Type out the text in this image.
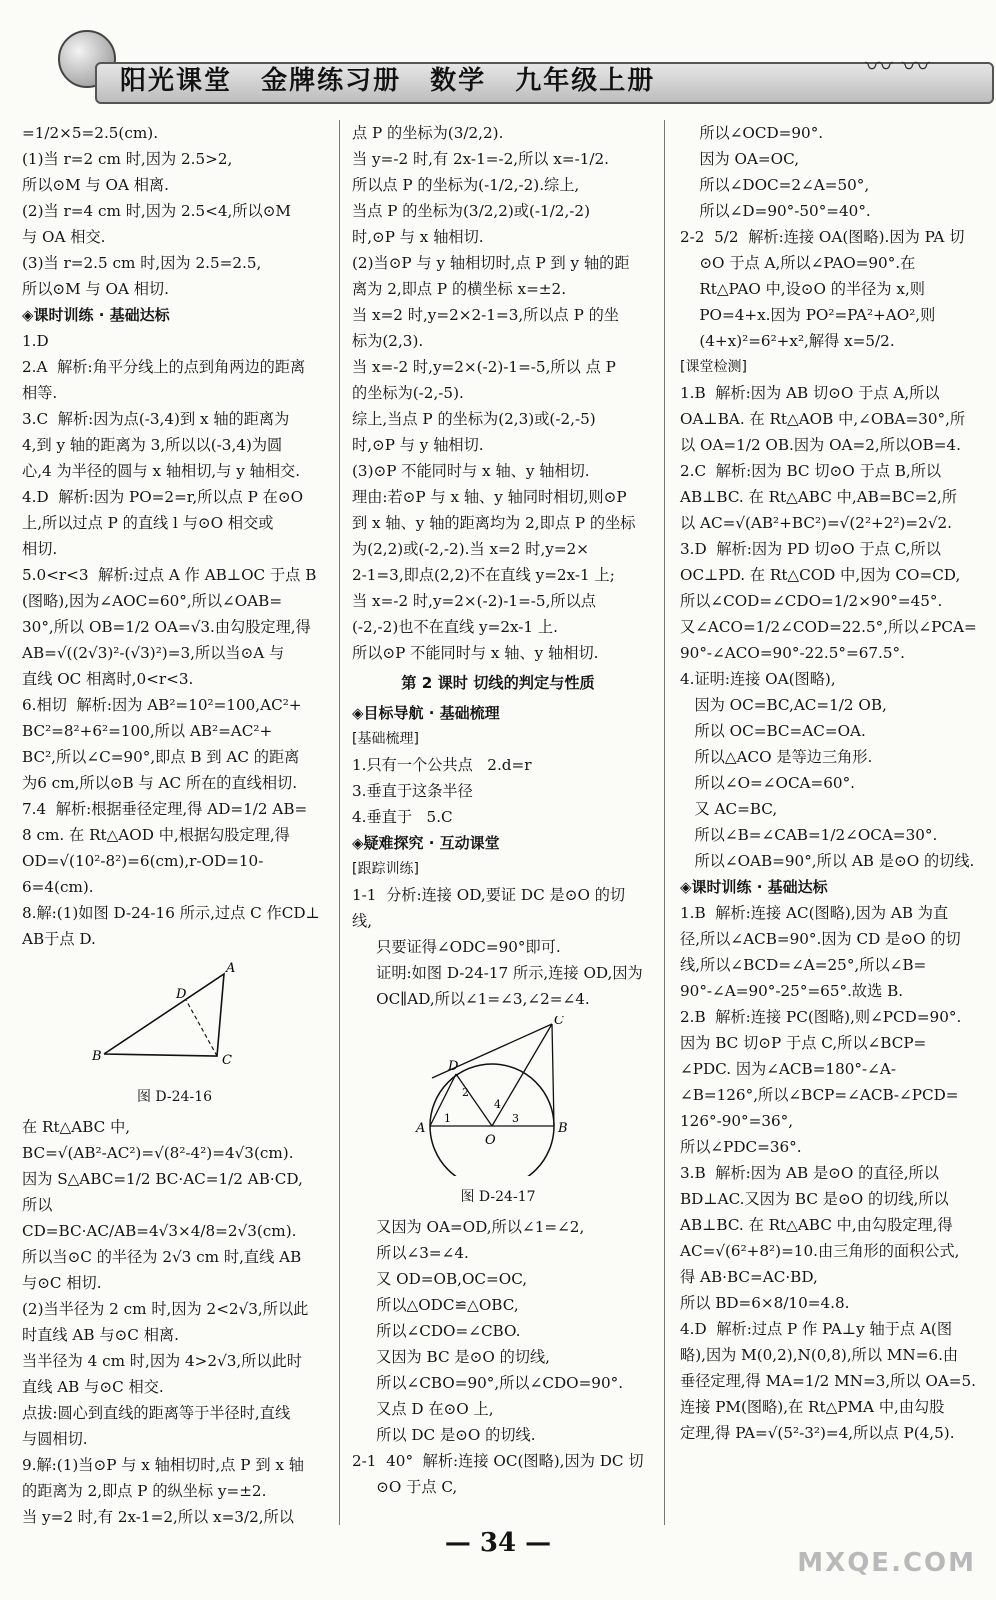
阳光课堂 金牌练习册 数学 九年级上册	〰︎ ︎〰

=1/2×5=2.5(cm).

(1)当 r=2 cm 时,因为 2.5>2,

所以⊙M 与 OA 相离.

(2)当 r=4 cm 时,因为 2.5<4,所以⊙M

与 OA 相交.

(3)当 r=2.5 cm 时,因为 2.5=2.5,

所以⊙M 与 OA 相切.

◈课时训练 · 基础达标

1.D

2.A  解析:角平分线上的点到角两边的距离

相等.

3.C  解析:因为点(-3,4)到 x 轴的距离为

4,到 y 轴的距离为 3,所以以(-3,4)为圆

心,4 为半径的圆与 x 轴相切,与 y 轴相交.

4.D  解析:因为 PO=2=r,所以点 P 在⊙O

上,所以过点 P 的直线 l 与⊙O 相交或

相切.

5.0<r<3  解析:过点 A 作 AB⊥OC 于点 B

(图略),因为∠AOC=60°,所以∠OAB=

30°,所以 OB=1/2 OA=√3.由勾股定理,得

AB=√((2√3)²-(√3)²)=3,所以当⊙A 与

直线 OC 相离时,0<r<3.

6.相切  解析:因为 AB²=10²=100,AC²+

BC²=8²+6²=100,所以 AB²=AC²+

BC²,所以∠C=90°,即点 B 到 AC 的距离

为6 cm,所以⊙B 与 AC 所在的直线相切.

7.4  解析:根据垂径定理,得 AD=1/2 AB=

8 cm. 在 Rt△AOD 中,根据勾股定理,得

OD=√(10²-8²)=6(cm),r-OD=10-

6=4(cm).

8.解:(1)如图 D-24-16 所示,过点 C 作CD⊥

AB于点 D.

B
A
C
D
图 D-24-16

在 Rt△ABC 中,

BC=√(AB²-AC²)=√(8²-4²)=4√3(cm).

因为 S△ABC=1/2 BC·AC=1/2 AB·CD,

所以 CD=BC·AC/AB=4√3×4/8=2√3(cm).

所以当⊙C 的半径为 2√3 cm 时,直线 AB

与⊙C 相切.

(2)当半径为 2 cm 时,因为 2<2√3,所以此

时直线 AB 与⊙C 相离.

当半径为 4 cm 时,因为 4>2√3,所以此时

直线 AB 与⊙C 相交.

点拔:圆心到直线的距离等于半径时,直线

与圆相切.

9.解:(1)当⊙P 与 x 轴相切时,点 P 到 x 轴

的距离为 2,即点 P 的纵坐标 y=±2.

当 y=2 时,有 2x-1=2,所以 x=3/2,所以

点 P 的坐标为(3/2,2).

当 y=-2 时,有 2x-1=-2,所以 x=-1/2.

所以点 P 的坐标为(-1/2,-2).综上,

当点 P 的坐标为(3/2,2)或(-1/2,-2)

时,⊙P 与 x 轴相切.

(2)当⊙P 与 y 轴相切时,点 P 到 y 轴的距

离为 2,即点 P 的横坐标 x=±2.

当 x=2 时,y=2×2-1=3,所以点 P 的坐

标为(2,3).

当 x=-2 时,y=2×(-2)-1=-5,所以 点 P

的坐标为(-2,-5).

综上,当点 P 的坐标为(2,3)或(-2,-5)

时,⊙P 与 y 轴相切.

(3)⊙P 不能同时与 x 轴、y 轴相切.

理由:若⊙P 与 x 轴、y 轴同时相切,则⊙P

到 x 轴、y 轴的距离均为 2,即点 P 的坐标

为(2,2)或(-2,-2).当 x=2 时,y=2×

2-1=3,即点(2,2)不在直线 y=2x-1 上;

当 x=-2 时,y=2×(-2)-1=-5,所以点

(-2,-2)也不在直线 y=2x-1 上.

所以⊙P 不能同时与 x 轴、y 轴相切.

第 2 课时 切线的判定与性质

◈目标导航 · 基础梳理

[基础梳理]

1.只有一个公共点   2.d=r

3.垂直于这条半径

4.垂直于   5.C

◈疑难探究 · 互动课堂

[跟踪训练]

1-1  分析:连接 OD,要证 DC 是⊙O 的切线,

只要证得∠ODC=90°即可.

证明:如图 D-24-17 所示,连接 OD,因为

OC∥AD,所以∠1=∠3,∠2=∠4.

A	B
C
D
O
1
2
3
4
图 D-24-17

又因为 OA=OD,所以∠1=∠2,

所以∠3=∠4.

又 OD=OB,OC=OC,

所以△ODC≌△OBC,

所以∠CDO=∠CBO.

又因为 BC 是⊙O 的切线,

所以∠CBO=90°,所以∠CDO=90°.

又点 D 在⊙O 上,

所以 DC 是⊙O 的切线.

2-1  40°  解析:连接 OC(图略),因为 DC 切

⊙O 于点 C,

所以∠OCD=90°.

因为 OA=OC,

所以∠DOC=2∠A=50°,

所以∠D=90°-50°=40°.

2-2  5/2  解析:连接 OA(图略).因为 PA 切

⊙O 于点 A,所以∠PAO=90°.在

Rt△PAO 中,设⊙O 的半径为 x,则

PO=4+x.因为 PO²=PA²+AO²,则

(4+x)²=6²+x²,解得 x=5/2.

[课堂检测]

1.B  解析:因为 AB 切⊙O 于点 A,所以

OA⊥BA. 在 Rt△AOB 中,∠OBA=30°,所

以 OA=1/2 OB.因为 OA=2,所以OB=4.

2.C  解析:因为 BC 切⊙O 于点 B,所以

AB⊥BC. 在 Rt△ABC 中,AB=BC=2,所

以 AC=√(AB²+BC²)=√(2²+2²)=2√2.

3.D  解析:因为 PD 切⊙O 于点 C,所以

OC⊥PD. 在 Rt△COD 中,因为 CO=CD,

所以∠COD=∠CDO=1/2×90°=45°.

又∠ACO=1/2∠COD=22.5°,所以∠PCA=

90°-∠ACO=90°-22.5°=67.5°.

4.证明:连接 OA(图略),

因为 OC=BC,AC=1/2 OB,

所以 OC=BC=AC=OA.

所以△ACO 是等边三角形.

所以∠O=∠OCA=60°.

又 AC=BC,

所以∠B=∠CAB=1/2∠OCA=30°.

所以∠OAB=90°,所以 AB 是⊙O 的切线.

◈课时训练 · 基础达标

1.B  解析:连接 AC(图略),因为 AB 为直

径,所以∠ACB=90°.因为 CD 是⊙O 的切

线,所以∠BCD=∠A=25°,所以∠B=

90°-∠A=90°-25°=65°.故选 B.

2.B  解析:连接 PC(图略),则∠PCD=90°.

因为 BC 切⊙P 于点 C,所以∠BCP=

∠PDC. 因为∠ACB=180°-∠A-

∠B=126°,所以∠BCP=∠ACB-∠PCD=

126°-90°=36°,

所以∠PDC=36°.

3.B  解析:因为 AB 是⊙O 的直径,所以

BD⊥AC.又因为 BC 是⊙O 的切线,所以

AB⊥BC. 在 Rt△ABC 中,由勾股定理,得

AC=√(6²+8²)=10.由三角形的面积公式,

得 AB·BC=AC·BD,

所以 BD=6×8/10=4.8.

4.D  解析:过点 P 作 PA⊥y 轴于点 A(图

略),因为 M(0,2),N(0,8),所以 MN=6.由

垂径定理,得 MA=1/2 MN=3,所以 OA=5.

连接 PM(图略),在 Rt△PMA 中,由勾股

定理,得 PA=√(5²-3²)=4,所以点 P(4,5).

— 34 —
MXQE.COM
